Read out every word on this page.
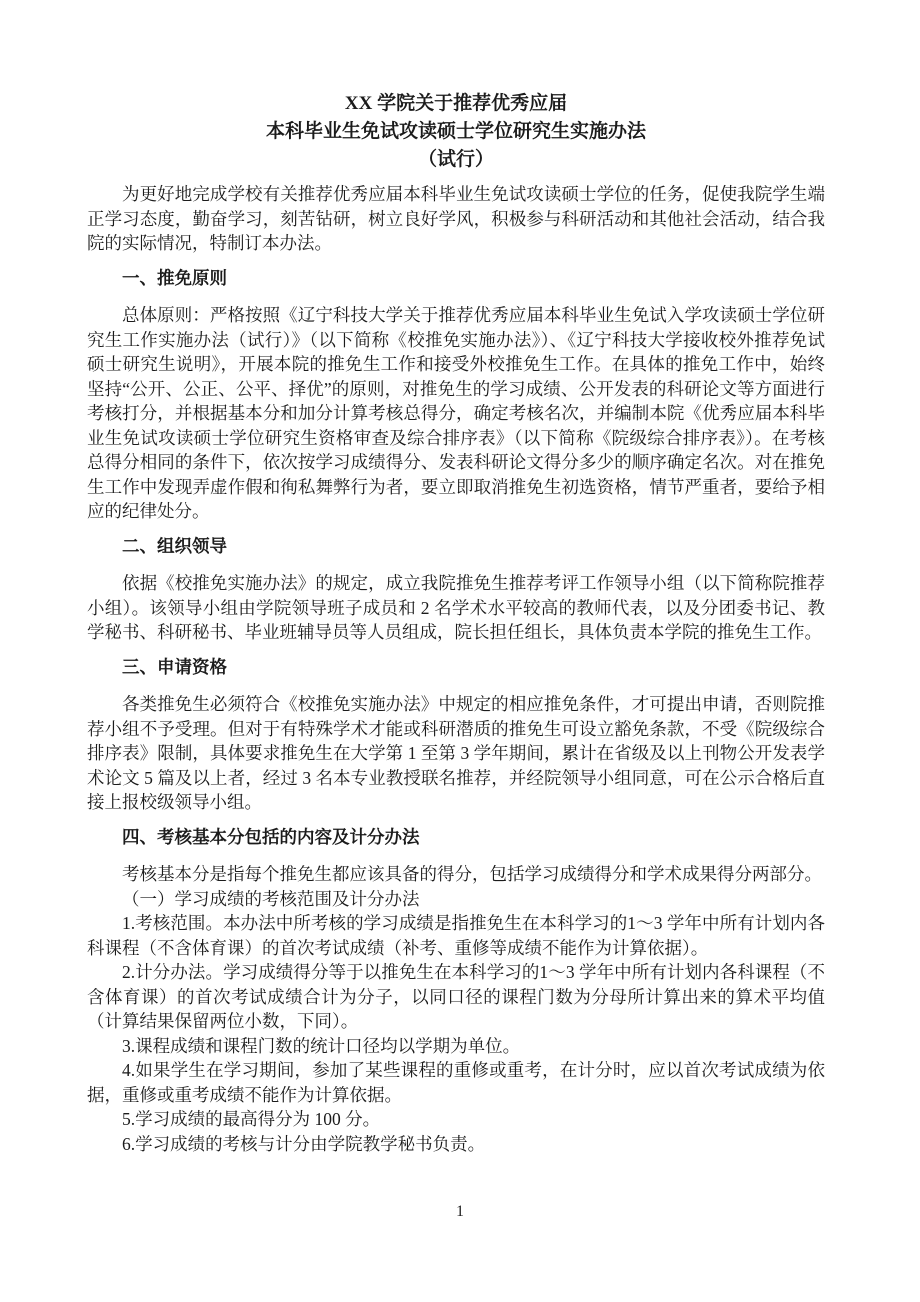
XX 学院关于推荐优秀应届
本科毕业生免试攻读硕士学位研究生实施办法
（试行）

为更好地完成学校有关推荐优秀应届本科毕业生免试攻读硕士学位的任务，促使我院学生端正学习态度，勤奋学习，刻苦钻研，树立良好学风，积极参与科研活动和其他社会活动，结合我院的实际情况，特制订本办法。

一、推免原则

总体原则：严格按照《辽宁科技大学关于推荐优秀应届本科毕业生免试入学攻读硕士学位研究生工作实施办法（试行）》（以下简称《校推免实施办法》）、《辽宁科技大学接收校外推荐免试硕士研究生说明》，开展本院的推免生工作和接受外校推免生工作。在具体的推免工作中，始终坚持“公开、公正、公平、择优”的原则，对推免生的学习成绩、公开发表的科研论文等方面进行考核打分，并根据基本分和加分计算考核总得分，确定考核名次，并编制本院《优秀应届本科毕业生免试攻读硕士学位研究生资格审查及综合排序表》（以下简称《院级综合排序表》）。在考核总得分相同的条件下，依次按学习成绩得分、发表科研论文得分多少的顺序确定名次。对在推免生工作中发现弄虚作假和徇私舞弊行为者，要立即取消推免生初选资格，情节严重者，要给予相应的纪律处分。

二、组织领导

依据《校推免实施办法》的规定，成立我院推免生推荐考评工作领导小组（以下简称院推荐小组）。该领导小组由学院领导班子成员和 2 名学术水平较高的教师代表，以及分团委书记、教学秘书、科研秘书、毕业班辅导员等人员组成，院长担任组长，具体负责本学院的推免生工作。

三、申请资格

各类推免生必须符合《校推免实施办法》中规定的相应推免条件，才可提出申请，否则院推荐小组不予受理。但对于有特殊学术才能或科研潜质的推免生可设立豁免条款，不受《院级综合排序表》限制，具体要求推免生在大学第 1 至第 3 学年期间，累计在省级及以上刊物公开发表学术论文 5 篇及以上者，经过 3 名本专业教授联名推荐，并经院领导小组同意，可在公示合格后直接上报校级领导小组。

四、考核基本分包括的内容及计分办法

考核基本分是指每个推免生都应该具备的得分，包括学习成绩得分和学术成果得分两部分。

（一）学习成绩的考核范围及计分办法

1.考核范围。本办法中所考核的学习成绩是指推免生在本科学习的1～3 学年中所有计划内各科课程（不含体育课）的首次考试成绩（补考、重修等成绩不能作为计算依据）。

2.计分办法。学习成绩得分等于以推免生在本科学习的1～3 学年中所有计划内各科课程（不含体育课）的首次考试成绩合计为分子，以同口径的课程门数为分母所计算出来的算术平均值（计算结果保留两位小数，下同）。

3.课程成绩和课程门数的统计口径均以学期为单位。

4.如果学生在学习期间，参加了某些课程的重修或重考，在计分时，应以首次考试成绩为依据，重修或重考成绩不能作为计算依据。

5.学习成绩的最高得分为 100 分。

6.学习成绩的考核与计分由学院教学秘书负责。

1
